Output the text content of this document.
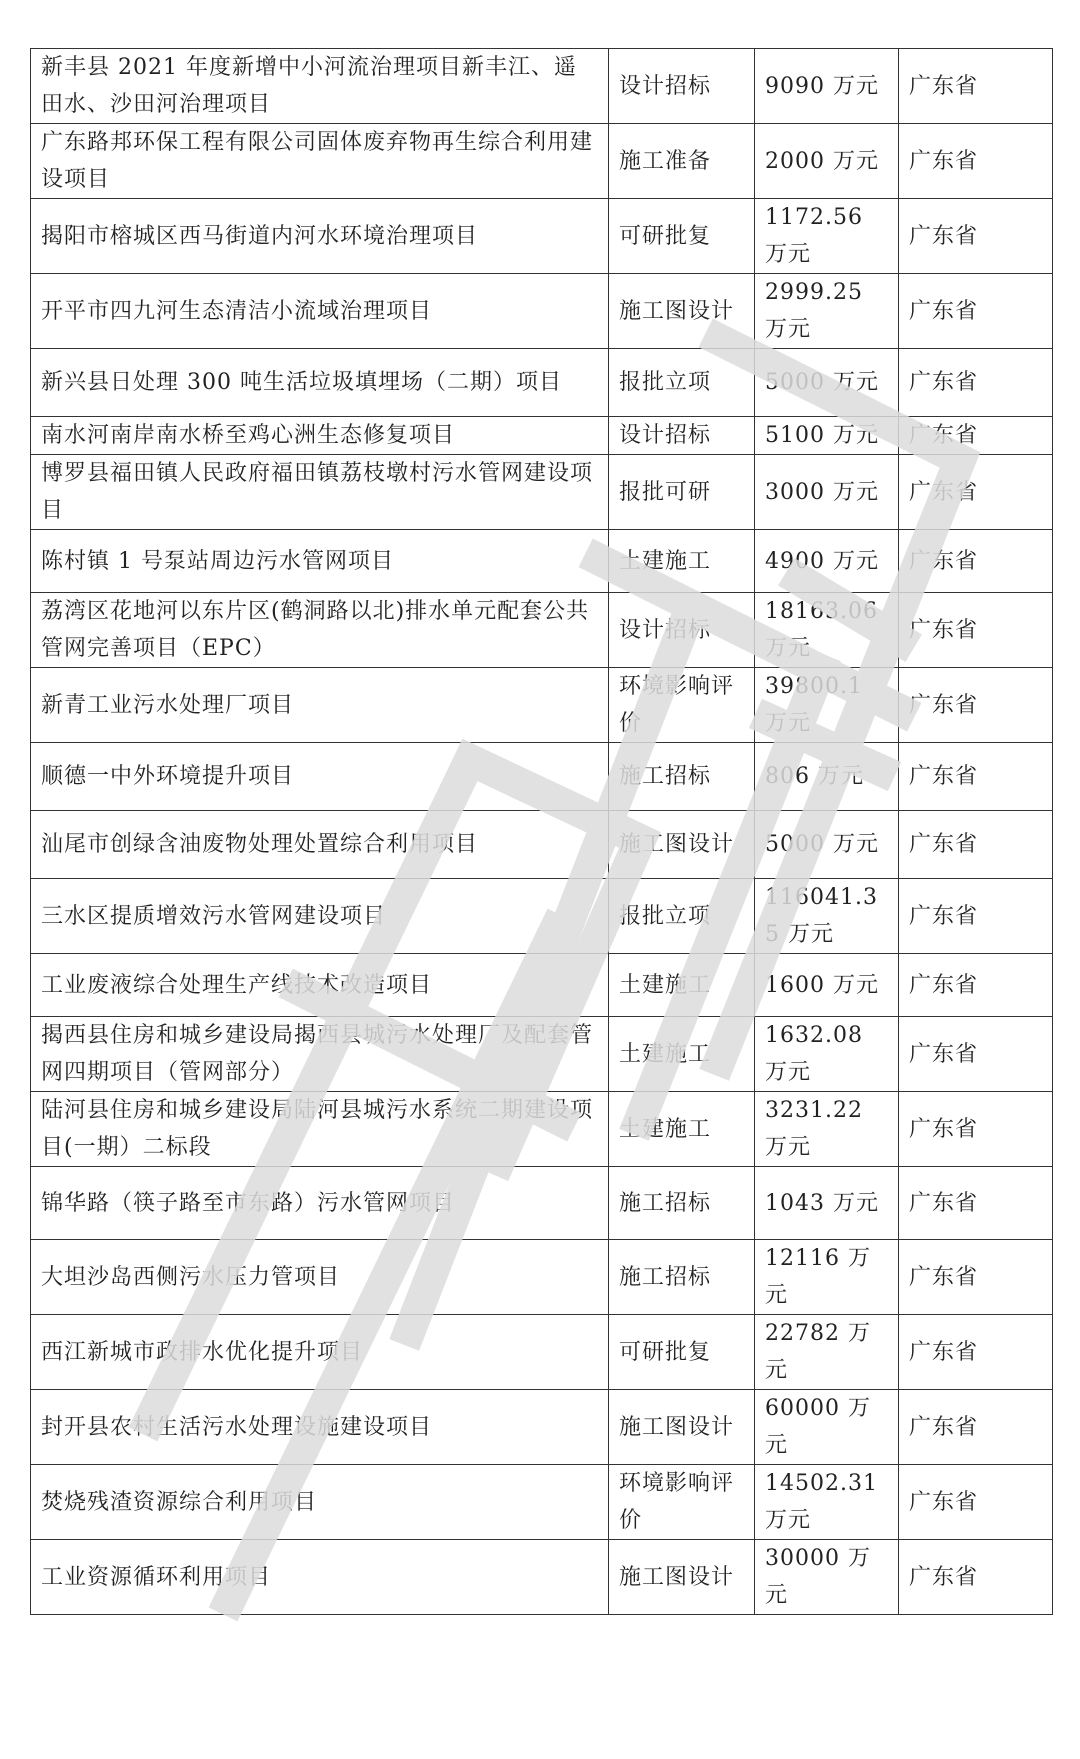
新丰县 2021 年度新增中小河流治理项目新丰江、遥田水、沙田河治理项目	设计招标	9090 万元	广东省
广东路邦环保工程有限公司固体废弃物再生综合利用建设项目	施工准备	2000 万元	广东省
揭阳市榕城区西马街道内河水环境治理项目	可研批复	1172.56 万元	广东省
开平市四九河生态清洁小流域治理项目	施工图设计	2999.25 万元	广东省
新兴县日处理 300 吨生活垃圾填埋场（二期）项目	报批立项	5000 万元	广东省
南水河南岸南水桥至鸡心洲生态修复项目	设计招标	5100 万元	广东省
博罗县福田镇人民政府福田镇荔枝墩村污水管网建设项目	报批可研	3000 万元	广东省
陈村镇 1 号泵站周边污水管网项目	土建施工	4900 万元	广东省
荔湾区花地河以东片区(鹤洞路以北)排水单元配套公共管网完善项目（EPC）	设计招标	18163.06 万元	广东省
新青工业污水处理厂项目	环境影响评价	39800.1 万元	广东省
顺德一中外环境提升项目	施工招标	806 万元	广东省
汕尾市创绿含油废物处理处置综合利用项目	施工图设计	5000 万元	广东省
三水区提质增效污水管网建设项目	报批立项	116041.35 万元	广东省
工业废液综合处理生产线技术改造项目	土建施工	1600 万元	广东省
揭西县住房和城乡建设局揭西县城污水处理厂及配套管网四期项目（管网部分）	土建施工	1632.08 万元	广东省
陆河县住房和城乡建设局陆河县城污水系统二期建设项目(一期）二标段	土建施工	3231.22 万元	广东省
锦华路（筷子路至市东路）污水管网项目	施工招标	1043 万元	广东省
大坦沙岛西侧污水压力管项目	施工招标	12116 万元	广东省
西江新城市政排水优化提升项目	可研批复	22782 万元	广东省
封开县农村生活污水处理设施建设项目	施工图设计	60000 万元	广东省
焚烧残渣资源综合利用项目	环境影响评价	14502.31 万元	广东省
工业资源循环利用项目	施工图设计	30000 万元	广东省
